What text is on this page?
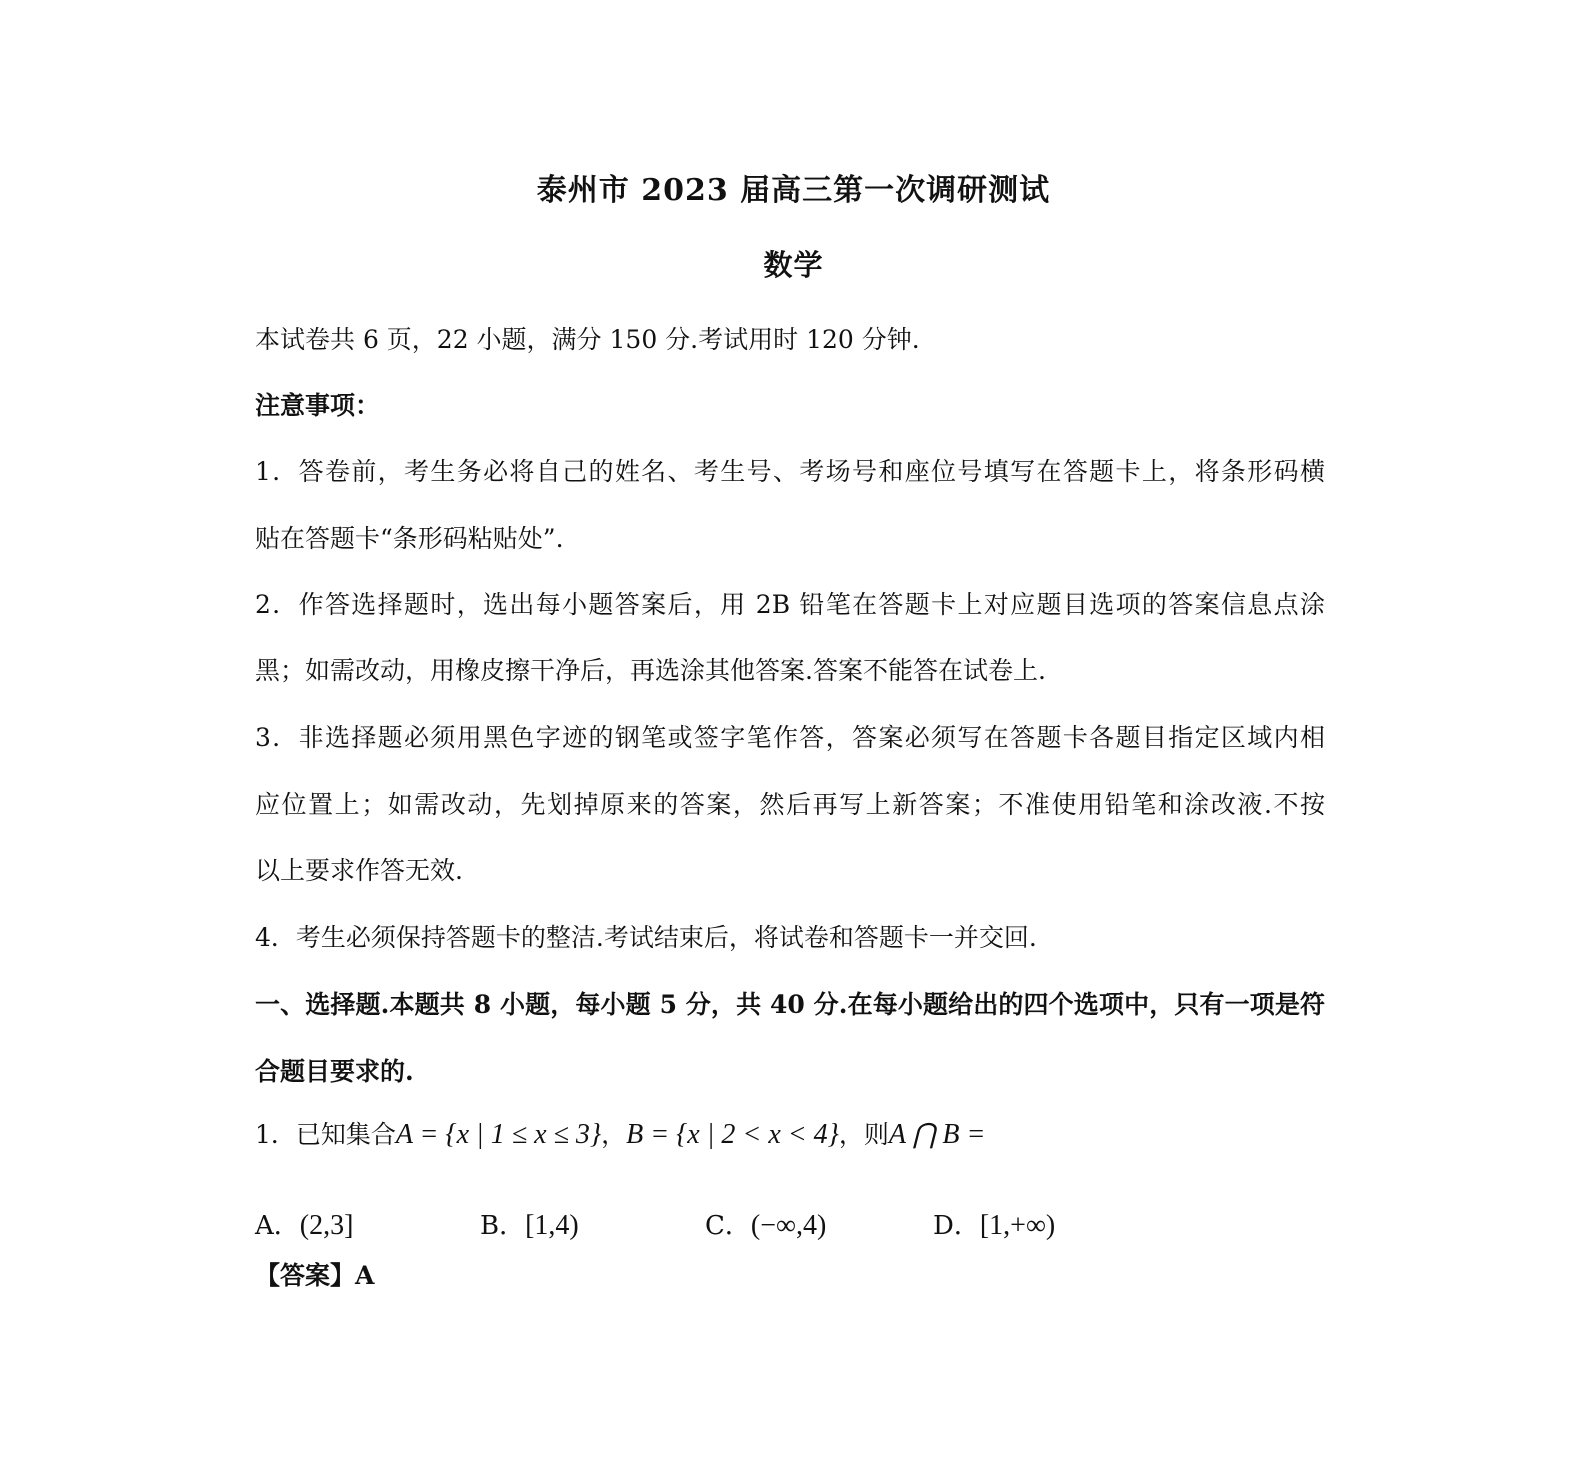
泰州市 2023 届高三第一次调研测试
数学
本试卷共 6 页，22 小题，满分 150 分.考试用时 120 分钟.
注意事项：
1．答卷前，考生务必将自己的姓名、考生号、考场号和座位号填写在答题卡上，将条形码横
贴在答题卡“条形码粘贴处”.
2．作答选择题时，选出每小题答案后，用 2B 铅笔在答题卡上对应题目选项的答案信息点涂
黑；如需改动，用橡皮擦干净后，再选涂其他答案.答案不能答在试卷上.
3．非选择题必须用黑色字迹的钢笔或签字笔作答，答案必须写在答题卡各题目指定区域内相
应位置上；如需改动，先划掉原来的答案，然后再写上新答案；不准使用铅笔和涂改液.不按
以上要求作答无效.
4．考生必须保持答题卡的整洁.考试结束后，将试卷和答题卡一并交回.
一、选择题.本题共 8 小题，每小题 5 分，共 40 分.在每小题给出的四个选项中，只有一项是符
合题目要求的.
1．已知集合A = {x | 1 ≤ x ≤ 3}，B = {x | 2 < x < 4}，则A ⋂ B =
A．(2,3]	B．[1,4)	C．(−∞,4)	D．[1,+∞)
【答案】A
